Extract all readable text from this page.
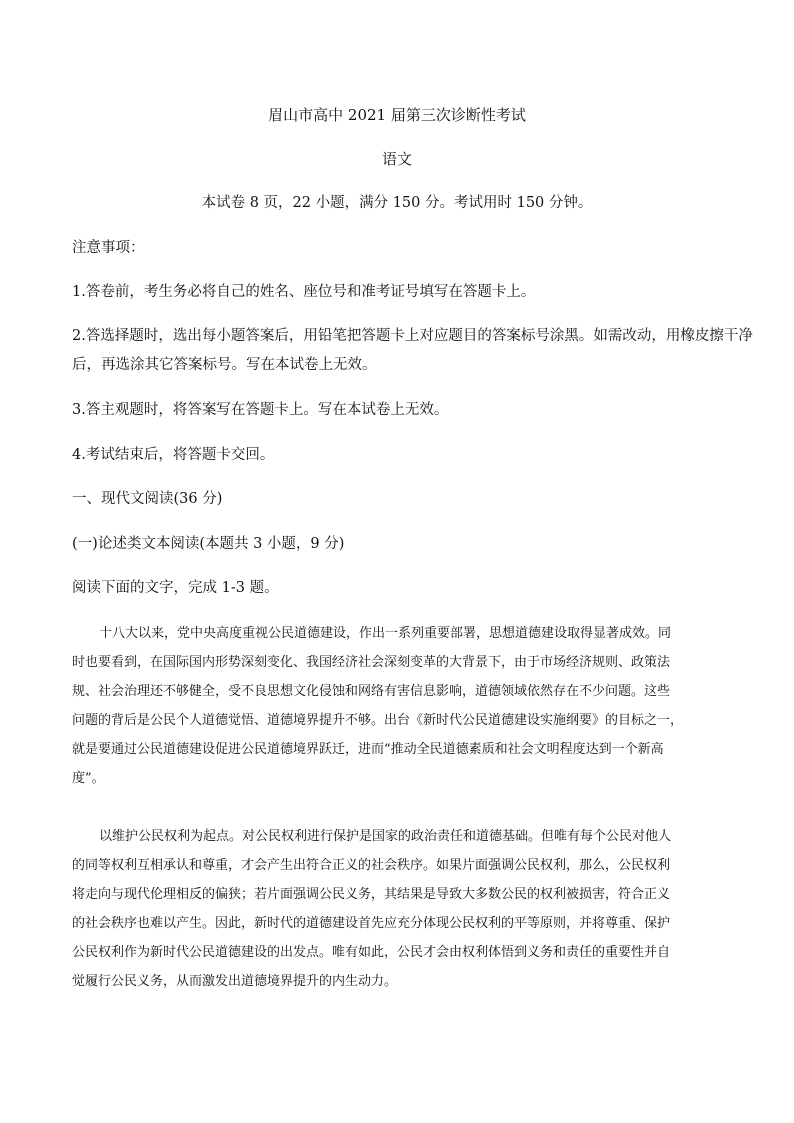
眉山市高中 2021 届第三次诊断性考试
语文
本试卷 8 页，22 小题，满分 150 分。考试用时 150 分钟。
注意事项：
1.答卷前，考生务必将自己的姓名、座位号和准考证号填写在答题卡上。
2.答选择题时，选出每小题答案后，用铅笔把答题卡上对应题目的答案标号涂黑。如需改动，用橡皮擦干净
后，再选涂其它答案标号。写在本试卷上无效。
3.答主观题时，将答案写在答题卡上。写在本试卷上无效。
4.考试结束后，将答题卡交回。
一、现代文阅读(36 分)
(一)论述类文本阅读(本题共 3 小题，9 分)
阅读下面的文字，完成 1-3 题。
十八大以来，党中央高度重视公民道德建设，作出一系列重要部署，思想道德建设取得显著成效。同
时也要看到，在国际国内形势深刻变化、我国经济社会深刻变革的大背景下，由于市场经济规则、政策法
规、社会治理还不够健全，受不良思想文化侵蚀和网络有害信息影响，道德领域依然存在不少问题。这些
问题的背后是公民个人道德觉悟、道德境界提升不够。出台《新时代公民道德建设实施纲要》的目标之一，
就是要通过公民道德建设促进公民道德境界跃迁，进而“推动全民道德素质和社会文明程度达到一个新高
度”。
以维护公民权利为起点。对公民权利进行保护是国家的政治责任和道德基础。但唯有每个公民对他人
的同等权利互相承认和尊重，才会产生出符合正义的社会秩序。如果片面强调公民权利，那么，公民权利
将走向与现代伦理相反的偏狭；若片面强调公民义务，其结果是导致大多数公民的权利被损害，符合正义
的社会秩序也难以产生。因此，新时代的道德建设首先应充分体现公民权利的平等原则，并将尊重、保护
公民权利作为新时代公民道德建设的出发点。唯有如此，公民才会由权利体悟到义务和责任的重要性并自
觉履行公民义务，从而激发出道德境界提升的内生动力。
